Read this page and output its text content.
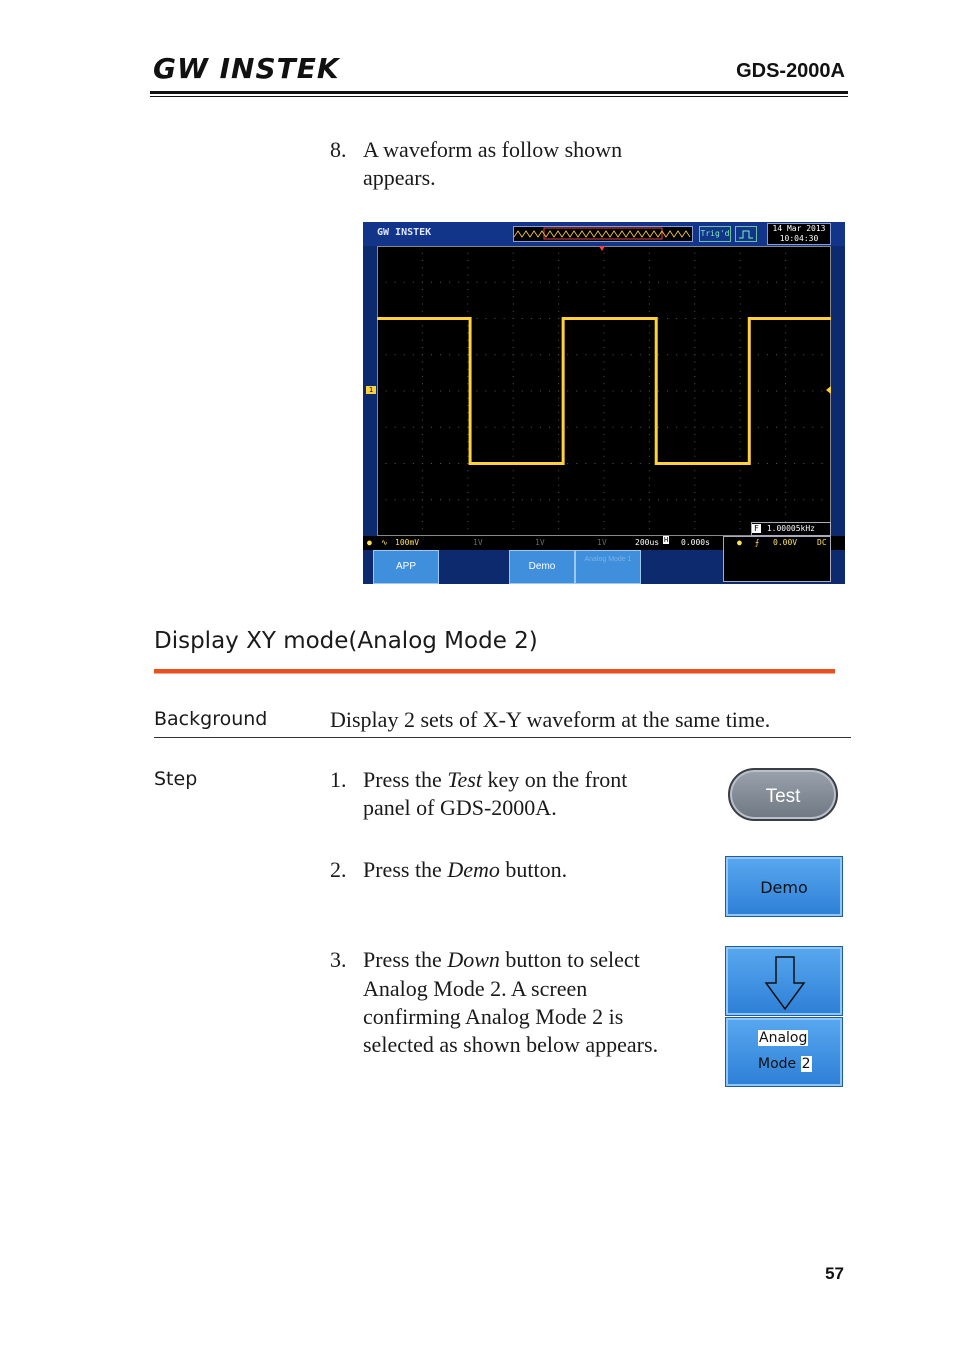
GW INSTEK	GDS-2000A
8. A waveform as follow shown
appears.
GW INSTEK	Trig'd
14 Mar 2013
10:04:30
1
F 1.00005kHz
● ∿ 100mV	1V	1V	1V	200us H 0.000s	● ⨍ 0.00V DC
APP	Demo
Analog Mode 1
Display XY mode(Analog Mode 2)
Background	Display 2 sets of X-Y waveform at the same time.
Step	1. Press the Test key on the front
panel of GDS-2000A.	Test
2. Press the Demo button.
Demo
3. Press the Down button to select
Analog Mode 2. A screen
confirming Analog Mode 2 is
selected as shown below appears.	Analog
Mode 2
57
